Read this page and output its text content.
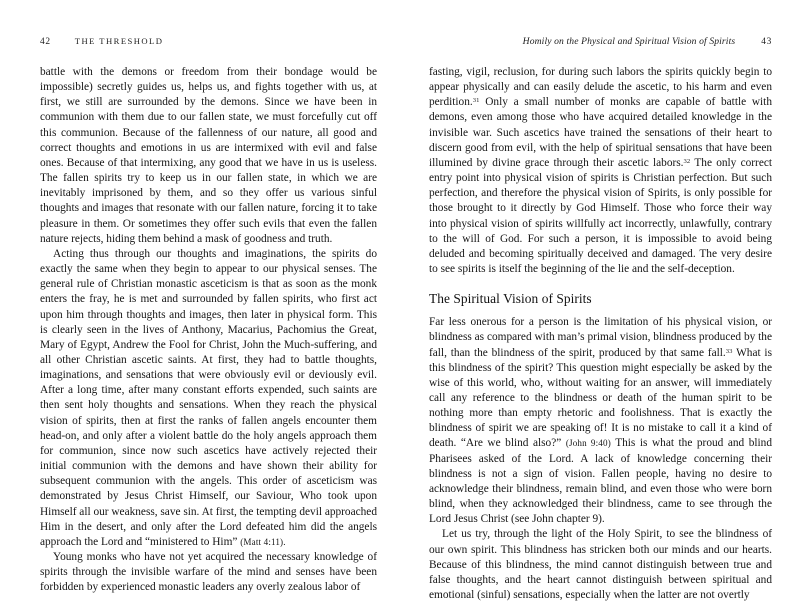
42	THE THRESHOLD

battle with the demons or freedom from their bondage would be impossible) secretly guides us, helps us, and fights together with us, at first, we still are surrounded by the demons. Since we have been in communion with them due to our fallen state, we must forcefully cut off this communion. Because of the fallenness of our nature, all good and correct thoughts and emotions in us are intermixed with evil and false ones. Because of that intermixing, any good that we have in us is useless. The fallen spirits try to keep us in our fallen state, in which we are inevitably imprisoned by them, and so they offer us various sinful thoughts and images that resonate with our fallen nature, forcing it to take pleasure in them. Or sometimes they offer such evils that even the fallen nature rejects, hiding them behind a mask of goodness and truth.

Acting thus through our thoughts and imaginations, the spirits do exactly the same when they begin to appear to our physical senses. The general rule of Christian monastic asceticism is that as soon as the monk enters the fray, he is met and surrounded by fallen spirits, who first act upon him through thoughts and images, then later in physical form. This is clearly seen in the lives of Anthony, Macarius, Pachomius the Great, Mary of Egypt, Andrew the Fool for Christ, John the Much-suffering, and all other Christian ascetic saints. At first, they had to battle thoughts, imaginations, and sensations that were obviously evil or deviously evil. After a long time, after many constant efforts expended, such saints are then sent holy thoughts and sensations. When they reach the physical vision of spirits, then at first the ranks of fallen angels encounter them head-on, and only after a violent battle do the holy angels approach them for communion, since now such ascetics have actively rejected their initial communion with the demons and have shown their ability for subsequent communion with the angels. This order of asceticism was demonstrated by Jesus Christ Himself, our Saviour, Who took upon Himself all our weakness, save sin. At first, the tempting devil approached Him in the desert, and only after the Lord defeated him did the angels approach the Lord and “ministered to Him” (Matt 4:11).

Young monks who have not yet acquired the necessary knowledge of spirits through the invisible warfare of the mind and senses have been forbidden by experienced monastic leaders any overly zealous labor of

Homily on the Physical and Spiritual Vision of Spirits	43

fasting, vigil, reclusion, for during such labors the spirits quickly begin to appear physically and can easily delude the ascetic, to his harm and even perdition.$^{31}$ Only a small number of monks are capable of battle with demons, even among those who have acquired detailed knowledge in the invisible war. Such ascetics have trained the sensations of their heart to discern good from evil, with the help of spiritual sensations that have been illumined by divine grace through their ascetic labors.$^{32}$ The only correct entry point into physical vision of spirits is Christian perfection. But such perfection, and therefore the physical vision of Spirits, is only possible for those brought to it directly by God Himself. Those who force their way into physical vision of spirits willfully act incorrectly, unlawfully, contrary to the will of God. For such a person, it is impossible to avoid being deluded and becoming spiritually deceived and damaged. The very desire to see spirits is itself the beginning of the lie and the self-deception.

The Spiritual Vision of Spirits

Far less onerous for a person is the limitation of his physical vision, or blindness as compared with man’s primal vision, blindness produced by the fall, than the blindness of the spirit, produced by that same fall.$^{33}$ What is this blindness of the spirit? This question might especially be asked by the wise of this world, who, without waiting for an answer, will immediately call any reference to the blindness or death of the human spirit to be nothing more than empty rhetoric and foolishness. That is exactly the blindness of spirit we are speaking of! It is no mistake to call it a kind of death. “Are we blind also?” (John 9:40) This is what the proud and blind Pharisees asked of the Lord. A lack of knowledge concerning their blindness is not a sign of vision. Fallen people, having no desire to acknowledge their blindness, remain blind, and even those who were born blind, when they acknowledged their blindness, came to see through the Lord Jesus Christ (see John chapter 9).

Let us try, through the light of the Holy Spirit, to see the blindness of our own spirit. This blindness has stricken both our minds and our hearts. Because of this blindness, the mind cannot distinguish between true and false thoughts, and the heart cannot distinguish between spiritual and emotional (sinful) sensations, especially when the latter are not overtly
